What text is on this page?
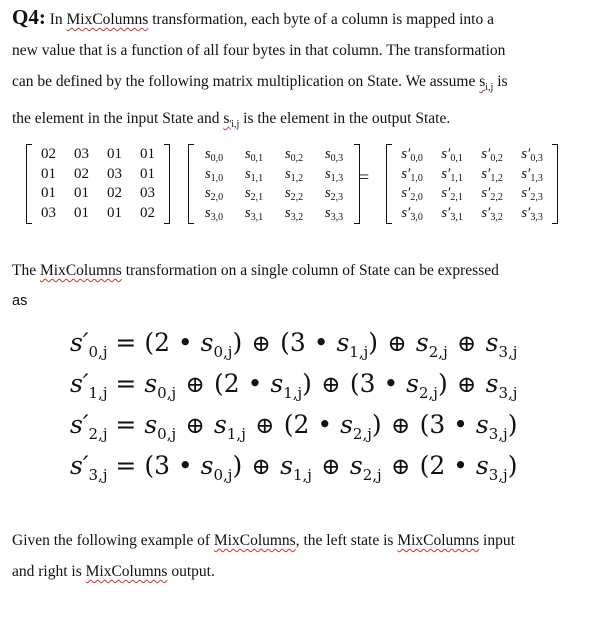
Q4: In MixColumns transformation, each byte of a column is mapped into a
new value that is a function of all four bytes in that column. The transformation
can be defined by the following matrix multiplication on State. We assume $s_{i,j}$ is
the element in the input State and $s_{'i,j}$ is the element in the output State.
02	03	01	01
01	02	03	01
01	01	02	03
03	01	01	02
$s_{0,0}$	$s_{0,1}$	$s_{0,2}$	$s_{0,3}$
$s_{1,0}$	$s_{1,1}$	$s_{1,2}$	$s_{1,3}$
$s_{2,0}$	$s_{2,1}$	$s_{2,2}$	$s_{2,3}$
$s_{3,0}$	$s_{3,1}$	$s_{3,2}$	$s_{3,3}$
=
$s'_{0,0}$	$s'_{0,1}$	$s'_{0,2}$	$s'_{0,3}$
$s'_{1,0}$	$s'_{1,1}$	$s'_{1,2}$	$s'_{1,3}$
$s'_{2,0}$	$s'_{2,1}$	$s'_{2,2}$	$s'_{2,3}$
$s'_{3,0}$	$s'_{3,1}$	$s'_{3,2}$	$s'_{3,3}$
The MixColumns transformation on a single column of State can be expressed
as
$s'_{0,j} = (2$ • $s_{0,j}$) ⊕ (3 • $s_{1,j}$) ⊕ $s_{2,j}$ ⊕ $s_{3,j}$
$s'_{1,j} = s_{0,j}$ ⊕ (2 • $s_{1,j}$) ⊕ (3 • $s_{2,j}$) ⊕ $s_{3,j}$
$s'_{2,j} = s_{0,j}$ ⊕ $s_{1,j}$ ⊕ (2 • $s_{2,j}$) ⊕ (3 • $s_{3,j}$)
$s'_{3,j} = (3$ • $s_{0,j}$) ⊕ $s_{1,j}$ ⊕ $s_{2,j}$ ⊕ (2 • $s_{3,j}$)
Given the following example of MixColumns, the left state is MixColumns input
and right is MixColumns output.
